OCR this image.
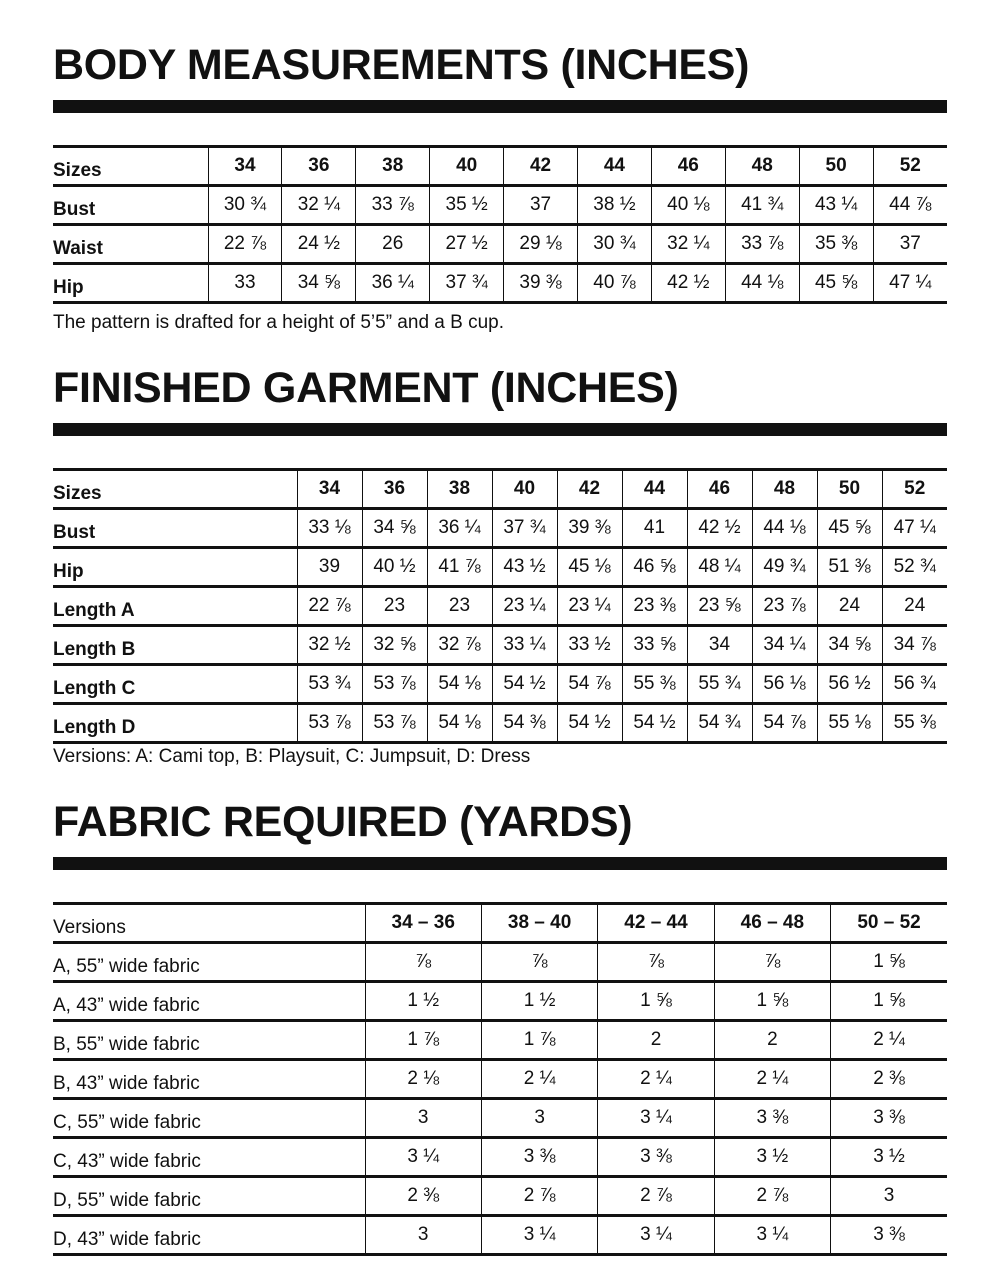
BODY MEASUREMENTS (INCHES)
Sizes	34	36	38	40	42	44	46	48	50	52
Bust	30 ¾	32 ¼	33 ⅞	35 ½	37	38 ½	40 ⅛	41 ¾	43 ¼	44 ⅞
Waist	22 ⅞	24 ½	26	27 ½	29 ⅛	30 ¾	32 ¼	33 ⅞	35 ⅜	37
Hip	33	34 ⅝	36 ¼	37 ¾	39 ⅜	40 ⅞	42 ½	44 ⅛	45 ⅝	47 ¼
The pattern is drafted for a height of 5’5” and a B cup.
FINISHED GARMENT (INCHES)
Sizes	34	36	38	40	42	44	46	48	50	52
Bust	33 ⅛	34 ⅝	36 ¼	37 ¾	39 ⅜	41	42 ½	44 ⅛	45 ⅝	47 ¼
Hip	39	40 ½	41 ⅞	43 ½	45 ⅛	46 ⅝	48 ¼	49 ¾	51 ⅜	52 ¾
Length A	22 ⅞	23	23	23 ¼	23 ¼	23 ⅜	23 ⅝	23 ⅞	24	24
Length B	32 ½	32 ⅝	32 ⅞	33 ¼	33 ½	33 ⅝	34	34 ¼	34 ⅝	34 ⅞
Length C	53 ¾	53 ⅞	54 ⅛	54 ½	54 ⅞	55 ⅜	55 ¾	56 ⅛	56 ½	56 ¾
Length D	53 ⅞	53 ⅞	54 ⅛	54 ⅜	54 ½	54 ½	54 ¾	54 ⅞	55 ⅛	55 ⅜
Versions: A: Cami top, B: Playsuit, C: Jumpsuit, D: Dress
FABRIC REQUIRED (YARDS)
Versions	34 – 36	38 – 40	42 – 44	46 – 48	50 – 52
A, 55” wide fabric	⅞	⅞	⅞	⅞	1 ⅝
A, 43” wide fabric	1 ½	1 ½	1 ⅝	1 ⅝	1 ⅝
B, 55” wide fabric	1 ⅞	1 ⅞	2	2	2 ¼
B, 43” wide fabric	2 ⅛	2 ¼	2 ¼	2 ¼	2 ⅜
C, 55” wide fabric	3	3	3 ¼	3 ⅜	3 ⅜
C, 43” wide fabric	3 ¼	3 ⅜	3 ⅜	3 ½	3 ½
D, 55” wide fabric	2 ⅜	2 ⅞	2 ⅞	2 ⅞	3
D, 43” wide fabric	3	3 ¼	3 ¼	3 ¼	3 ⅜
